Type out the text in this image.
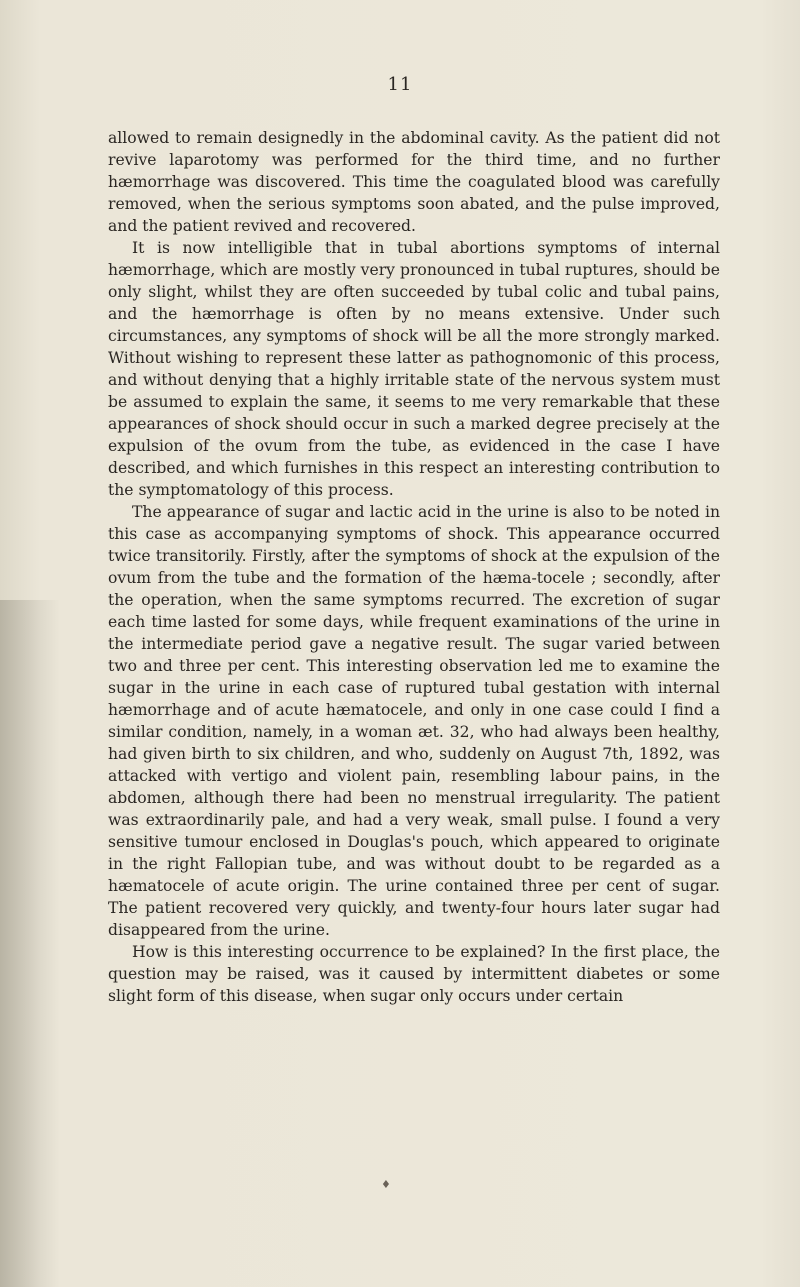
11

allowed to remain designedly in the abdominal cavity. As the patient did not revive laparotomy was performed for the third time, and no further hæmorrhage was discovered. This time the coagulated blood was carefully removed, when the serious symptoms soon abated, and the pulse improved, and the patient revived and recovered.

It is now intelligible that in tubal abortions symptoms of internal hæmorrhage, which are mostly very pronounced in tubal ruptures, should be only slight, whilst they are often succeeded by tubal colic and tubal pains, and the hæmorrhage is often by no means extensive. Under such circumstances, any symptoms of shock will be all the more strongly marked. Without wishing to represent these latter as pathognomonic of this process, and without denying that a highly irritable state of the nervous system must be assumed to explain the same, it seems to me very remarkable that these appearances of shock should occur in such a marked degree precisely at the expulsion of the ovum from the tube, as evidenced in the case I have described, and which furnishes in this respect an interesting contribution to the symptomatology of this process.

The appearance of sugar and lactic acid in the urine is also to be noted in this case as accompanying symptoms of shock. This appearance occurred twice transitorily. Firstly, after the symptoms of shock at the expulsion of the ovum from the tube and the formation of the hæma-tocele ; secondly, after the operation, when the same symptoms recurred. The excretion of sugar each time lasted for some days, while frequent examinations of the urine in the intermediate period gave a negative result. The sugar varied between two and three per cent. This interesting observation led me to examine the sugar in the urine in each case of ruptured tubal gestation with internal hæmorrhage and of acute hæmatocele, and only in one case could I find a similar condition, namely, in a woman æt. 32, who had always been healthy, had given birth to six children, and who, suddenly on August 7th, 1892, was attacked with vertigo and violent pain, resembling labour pains, in the abdomen, although there had been no menstrual irregularity. The patient was extraordinarily pale, and had a very weak, small pulse. I found a very sensitive tumour enclosed in Douglas's pouch, which appeared to originate in the right Fallopian tube, and was without doubt to be regarded as a hæmatocele of acute origin. The urine contained three per cent of sugar. The patient recovered very quickly, and twenty-four hours later sugar had disappeared from the urine.

How is this interesting occurrence to be explained? In the first place, the question may be raised, was it caused by intermittent diabetes or some slight form of this disease, when sugar only occurs under certain

♦
